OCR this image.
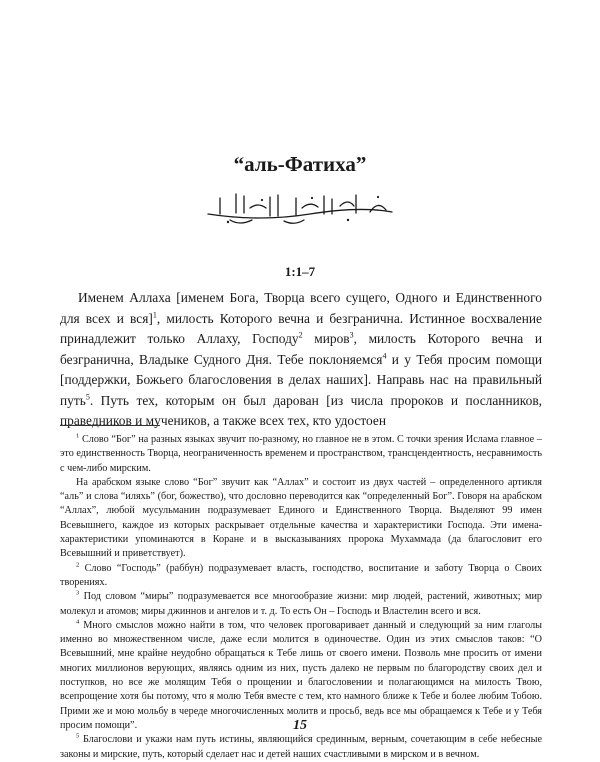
“аль-Фатиха”
1:1–7

Именем Аллаха [именем Бога, Творца всего сущего, Одного и Единственного для всех и вся]$^1$, милость Которого вечна и безгранична. Истинное восхваление принадлежит только Аллаху, Господу$^2$ миров$^3$, милость Которого вечна и безгранична, Владыке Судного Дня. Тебе поклоняемся$^4$ и у Тебя просим помощи [поддержки, Божьего благословения в делах наших]. Направь нас на правильный путь$^5$. Путь тех, которым он был дарован [из числа пророков и посланников, праведников и мучеников, а также всех тех, кто удостоен

$^1$ Слово “Бог” на разных языках звучит по-разному, но главное не в этом. С точки зрения Ислама главное – это единственность Творца, неограниченность временем и пространством, трансцендентность, несравнимость с чем-либо мирским.

На арабском языке слово “Бог” звучит как “Аллах” и состоит из двух частей – определенного артикля “аль” и слова “иляхь” (бог, божество), что дословно переводится как “определенный Бог”. Говоря на арабском “Аллах”, любой мусульманин подразумевает Единого и Единственного Творца. Выделяют 99 имен Всевышнего, каждое из которых раскрывает отдельные качества и характеристики Господа. Эти имена-характеристики упоминаются в Коране и в высказываниях пророка Мухаммада (да благословит его Всевышний и приветствует).

$^2$ Слово “Господь” (раббун) подразумевает власть, господство, воспитание и заботу Творца о Своих творениях.

$^3$ Под словом “миры” подразумевается все многообразие жизни: мир людей, растений, животных; мир молекул и атомов; миры джиннов и ангелов и т. д. То есть Он – Господь и Властелин всего и вся.

$^4$ Много смыслов можно найти в том, что человек проговаривает данный и следующий за ним глаголы именно во множественном числе, даже если молится в одиночестве. Один из этих смыслов таков: “О Всевышний, мне крайне неудобно обращаться к Тебе лишь от своего имени. Позволь мне просить от имени многих миллионов верующих, являясь одним из них, пусть далеко не первым по благородству своих дел и поступков, но все же молящим Тебя о прощении и благословении и полагающимся на милость Твою, всепрощение хотя бы потому, что я молю Тебя вместе с тем, кто намного ближе к Тебе и более любим Тобою. Прими же и мою мольбу в череде многочисленных молитв и просьб, ведь все мы обращаемся к Тебе и у Тебя просим помощи”.

$^5$ Благослови и укажи нам путь истины, являющийся срединным, верным, сочетающим в себе небесные законы и мирские, путь, который сделает нас и детей наших счастливыми в мирском и в вечном.

15
